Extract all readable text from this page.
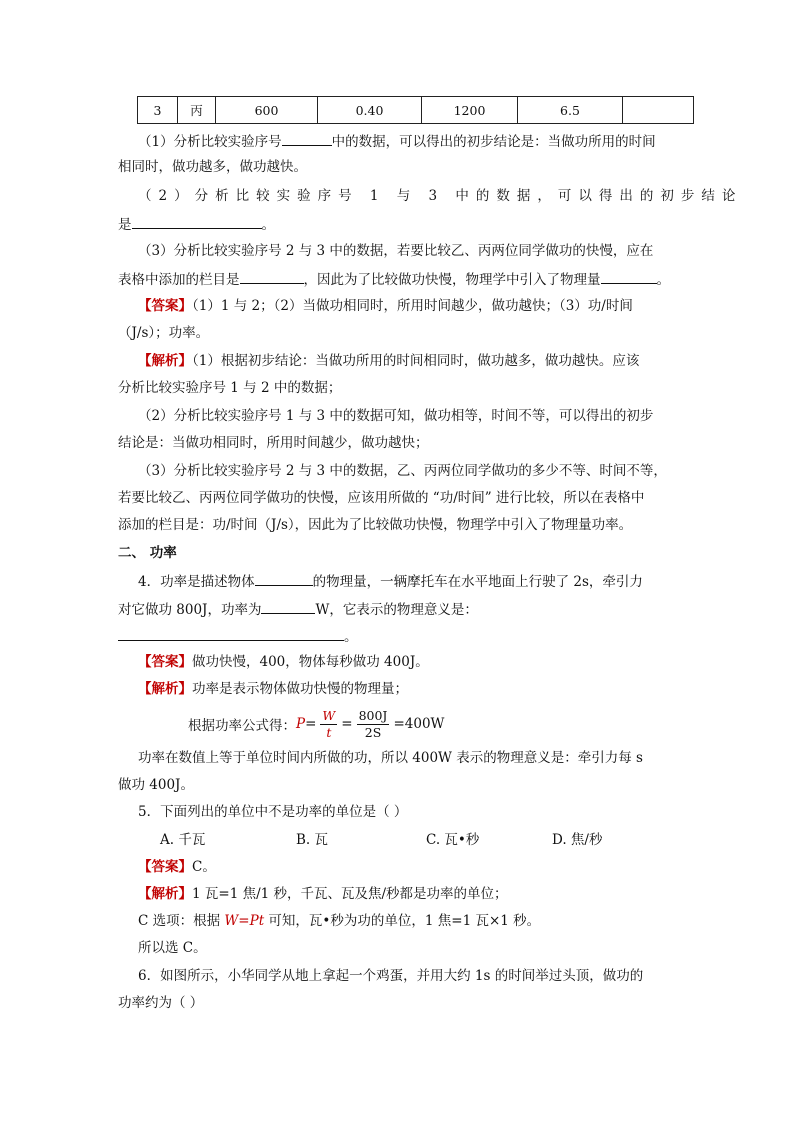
3	丙	600	0.40	1200	6.5	
（1）分析比较实验序号	中的数据，可以得出的初步结论是：当做功所用的时间
相同时，做功越多，做功越快。
（2）分析比较实验序号 1 与 3 中的数据，可以得出的初步结论
是	。
（3）分析比较实验序号 2 与 3 中的数据，若要比较乙、丙两位同学做功的快慢，应在
表格中添加的栏目是	，因此为了比较做功快慢，物理学中引入了物理量	。
【答案】（1）1 与 2；（2）当做功相同时，所用时间越少，做功越快；（3）功/时间
（J/s）；功率。
【解析】（1）根据初步结论：当做功所用的时间相同时，做功越多，做功越快。应该
分析比较实验序号 1 与 2 中的数据；
（2）分析比较实验序号 1 与 3 中的数据可知，做功相等，时间不等，可以得出的初步
结论是：当做功相同时，所用时间越少，做功越快；
（3）分析比较实验序号 2 与 3 中的数据，乙、丙两位同学做功的多少不等、时间不等，
若要比较乙、丙两位同学做功的快慢，应该用所做的 “功/时间” 进行比较，所以在表格中
添加的栏目是：功/时间（J/s），因此为了比较做功快慢，物理学中引入了物理量功率。
二、 功率
4．功率是描述物体	的物理量，一辆摩托车在水平地面上行驶了 2s，牵引力
对它做功 800J，功率为	W，它表示的物理意义是：
。
【答案】做功快慢，400，物体每秒做功 400J。
【解析】功率是表示物体做功快慢的物理量；
根据功率公式得： $P = \frac{W}{t} = \frac{800J}{2S} =400W$
功率在数值上等于单位时间内所做的功，所以 400W 表示的物理意义是：牵引力每 s
做功 400J。
5．下面列出的单位中不是功率的单位是（ ）
A. 千瓦	B. 瓦	C. 瓦•秒	D. 焦/秒
【答案】C。
【解析】1 瓦=1 焦/1 秒，千瓦、瓦及焦/秒都是功率的单位；
C 选项：根据 W=Pt 可知，瓦•秒为功的单位，1 焦=1 瓦×1 秒。
所以选 C。
6．如图所示，小华同学从地上拿起一个鸡蛋，并用大约 1s 的时间举过头顶，做功的
功率约为（ ）
